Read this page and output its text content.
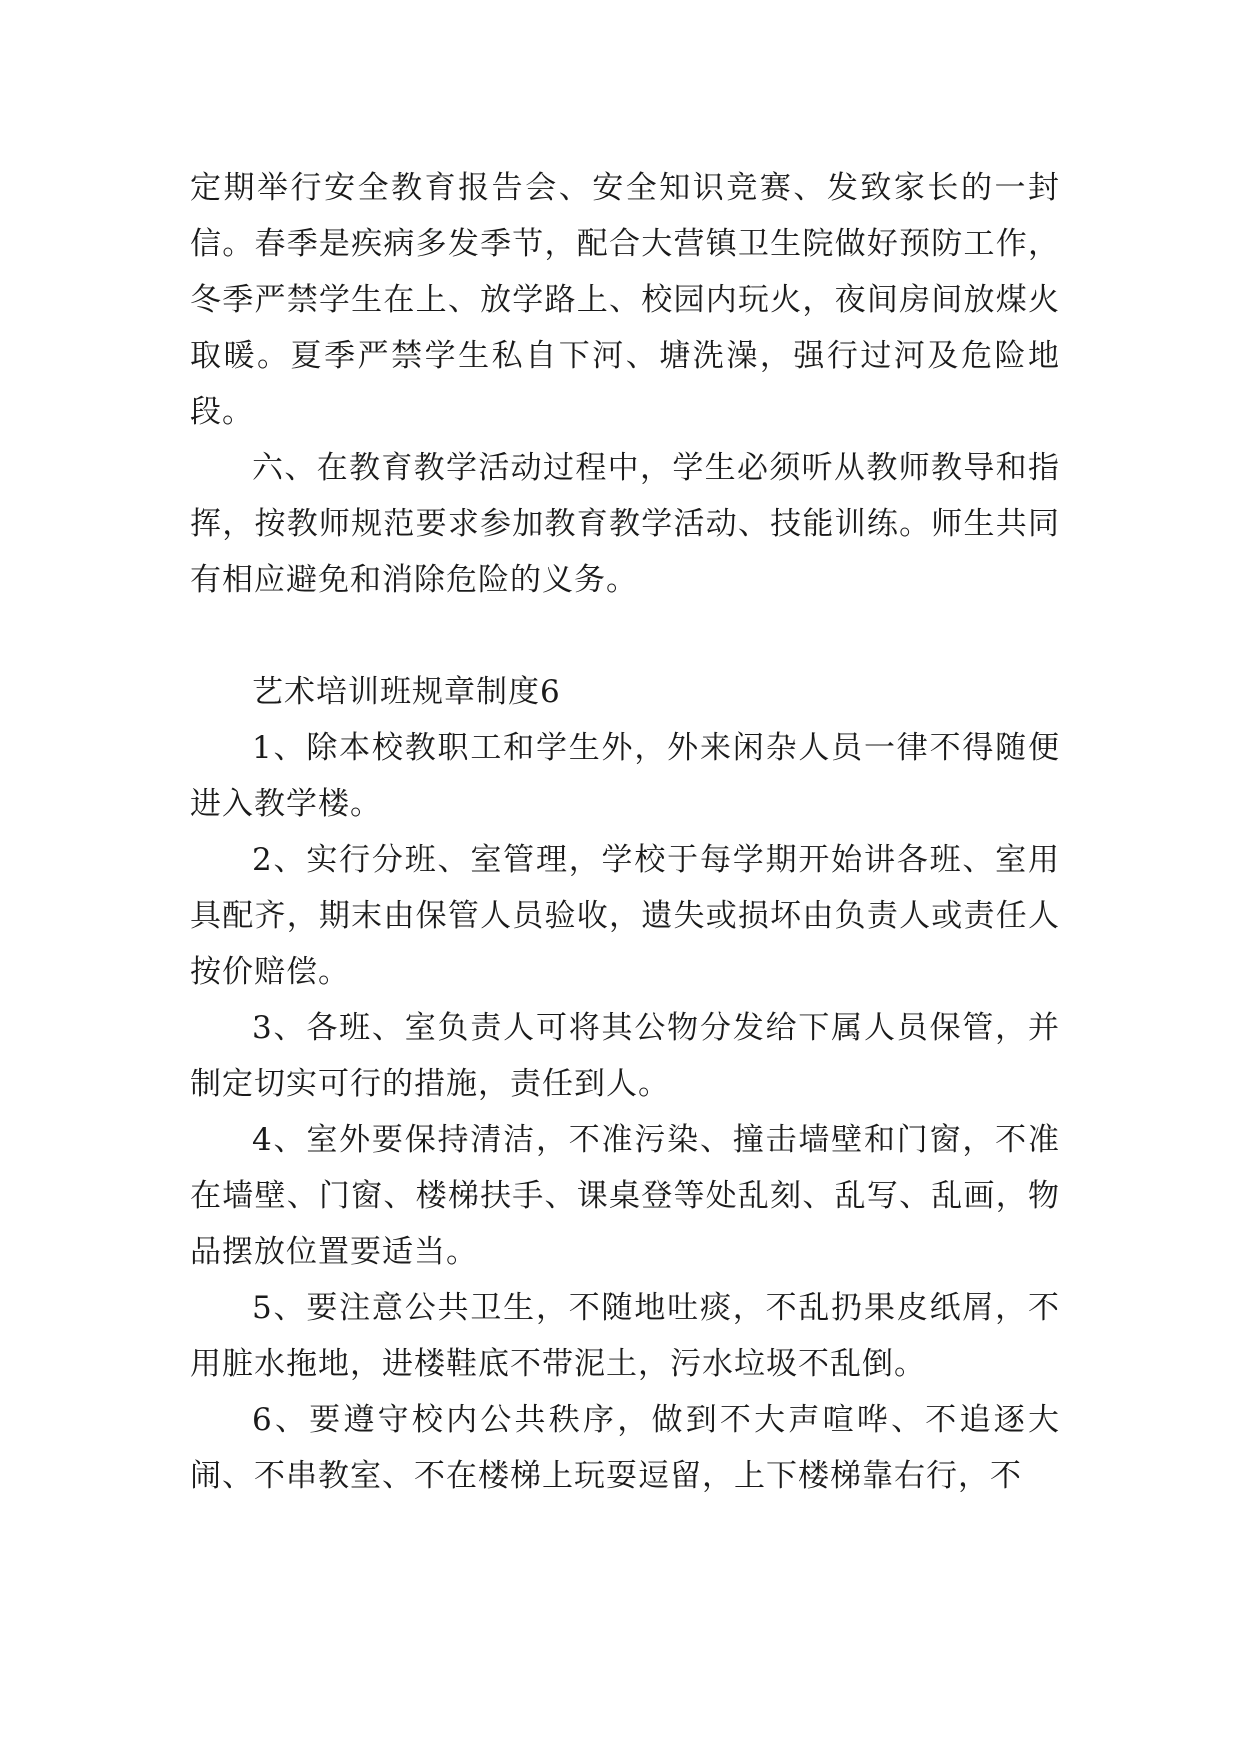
定期举行安全教育报告会、安全知识竞赛、发致家长的一封信。春季是疾病多发季节，配合大营镇卫生院做好预防工作，冬季严禁学生在上、放学路上、校园内玩火，夜间房间放煤火取暖。夏季严禁学生私自下河、塘洗澡，强行过河及危险地段。

六、在教育教学活动过程中，学生必须听从教师教导和指挥，按教师规范要求参加教育教学活动、技能训练。师生共同有相应避免和消除危险的义务。

艺术培训班规章制度6

1、除本校教职工和学生外，外来闲杂人员一律不得随便进入教学楼。

2、实行分班、室管理，学校于每学期开始讲各班、室用具配齐，期末由保管人员验收，遗失或损坏由负责人或责任人按价赔偿。

3、各班、室负责人可将其公物分发给下属人员保管，并制定切实可行的措施，责任到人。

4、室外要保持清洁，不准污染、撞击墙壁和门窗，不准在墙壁、门窗、楼梯扶手、课桌登等处乱刻、乱写、乱画，物品摆放位置要适当。

5、要注意公共卫生，不随地吐痰，不乱扔果皮纸屑，不用脏水拖地，进楼鞋底不带泥土，污水垃圾不乱倒。

6、要遵守校内公共秩序，做到不大声喧哗、不追逐大闹、不串教室、不在楼梯上玩耍逗留，上下楼梯靠右行，不
